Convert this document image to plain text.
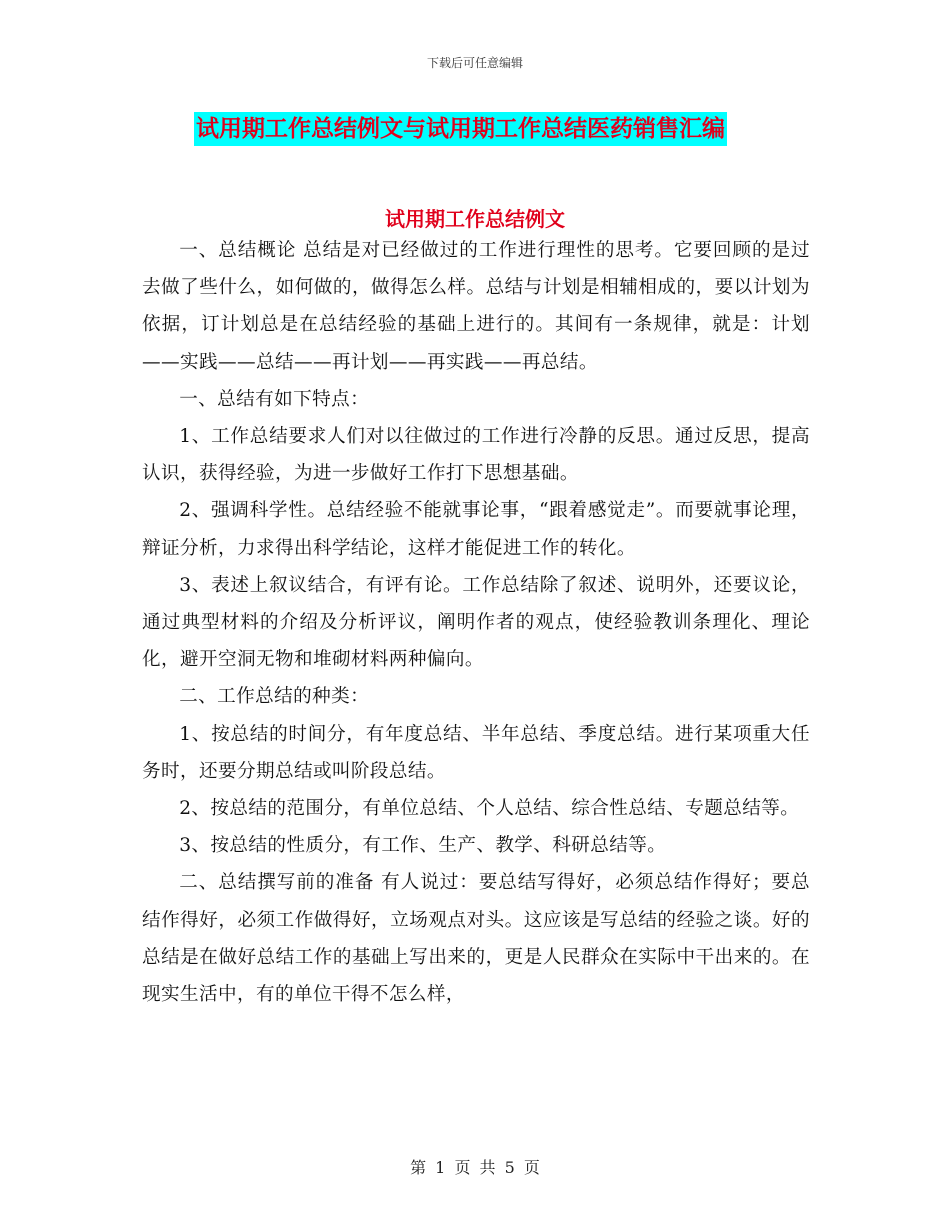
下载后可任意编辑
试用期工作总结例文与试用期工作总结医药销售汇编
试用期工作总结例文

一、总结概论 总结是对已经做过的工作进行理性的思考。它要回顾的是过去做了些什么，如何做的，做得怎么样。总结与计划是相辅相成的，要以计划为依据，订计划总是在总结经验的基础上进行的。其间有一条规律，就是：计划——实践——总结——再计划——再实践——再总结。

一、总结有如下特点：

1、工作总结要求人们对以往做过的工作进行冷静的反思。通过反思，提高认识，获得经验，为进一步做好工作打下思想基础。

2、强调科学性。总结经验不能就事论事，“跟着感觉走”。而要就事论理，辩证分析，力求得出科学结论，这样才能促进工作的转化。

3、表述上叙议结合，有评有论。工作总结除了叙述、说明外，还要议论，通过典型材料的介绍及分析评议，阐明作者的观点，使经验教训条理化、理论化，避开空洞无物和堆砌材料两种偏向。

二、工作总结的种类：

1、按总结的时间分，有年度总结、半年总结、季度总结。进行某项重大任务时，还要分期总结或叫阶段总结。

2、按总结的范围分，有单位总结、个人总结、综合性总结、专题总结等。

3、按总结的性质分，有工作、生产、教学、科研总结等。

二、总结撰写前的准备 有人说过：要总结写得好，必须总结作得好；要总结作得好，必须工作做得好，立场观点对头。这应该是写总结的经验之谈。好的总结是在做好总结工作的基础上写出来的，更是人民群众在实际中干出来的。在现实生活中，有的单位干得不怎么样，

第 1 页 共 5 页
